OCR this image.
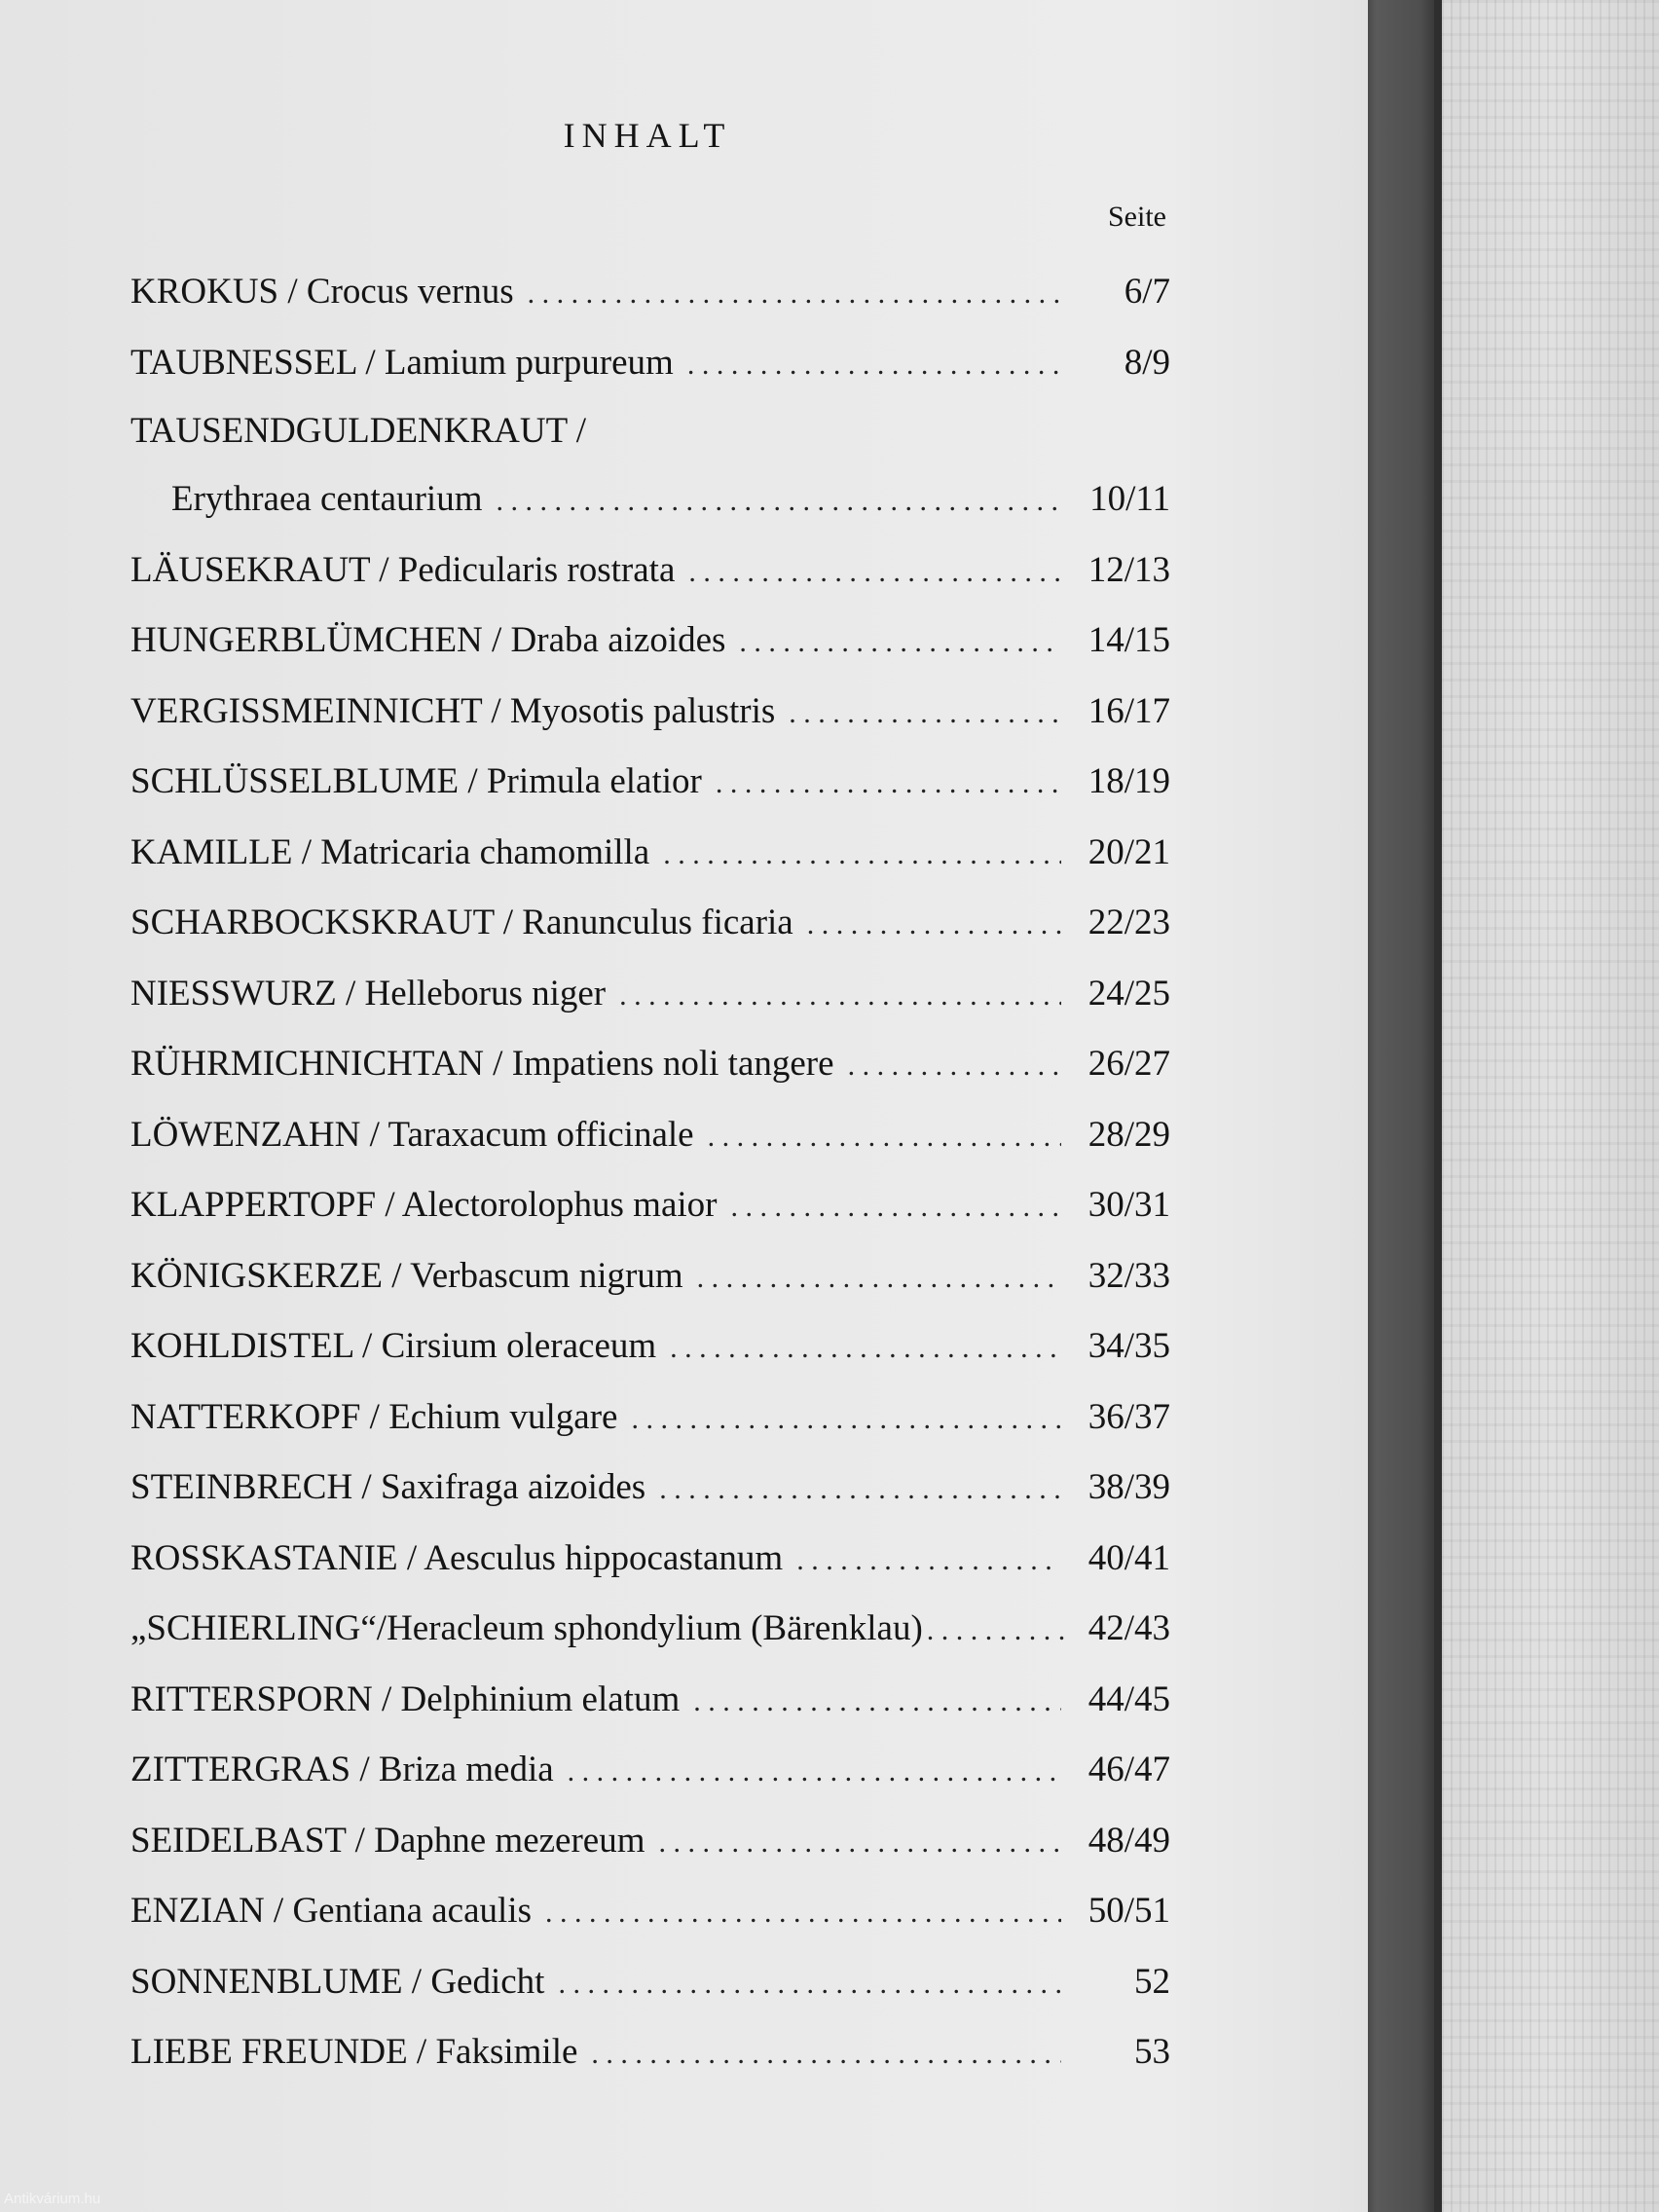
INHALT
Seite
KROKUS / Crocus vernus . . .	6/7
TAUBNESSEL / Lamium purpureum . . .	8/9
TAUSENDGULDENKRAUT /
Erythraea centaurium . . .	10/11
LÄUSEKRAUT / Pedicularis rostrata . . .	12/13
HUNGERBLÜMCHEN / Draba aizoides . . .	14/15
VERGISSMEINNICHT / Myosotis palustris . . .	16/17
SCHLÜSSELBLUME / Primula elatior . . .	18/19
KAMILLE / Matricaria chamomilla . . .	20/21
SCHARBOCKSKRAUT / Ranunculus ficaria . . .	22/23
NIESSWURZ / Helleborus niger . . .	24/25
RÜHRMICHNICHTAN / Impatiens noli tangere . . .	26/27
LÖWENZAHN / Taraxacum officinale . . .	28/29
KLAPPERTOPF / Alectorolophus maior . . .	30/31
KÖNIGSKERZE / Verbascum nigrum . . .	32/33
KOHLDISTEL / Cirsium oleraceum . . .	34/35
NATTERKOPF / Echium vulgare . . .	36/37
STEINBRECH / Saxifraga aizoides . . .	38/39
ROSSKASTANIE / Aesculus hippocastanum . . .	40/41
„SCHIERLING“/Heracleum sphondylium (Bärenklau) . . .	42/43
RITTERSPORN / Delphinium elatum . . .	44/45
ZITTERGRAS / Briza media . . .	46/47
SEIDELBAST / Daphne mezereum . . .	48/49
ENZIAN / Gentiana acaulis . . .	50/51
SONNENBLUME / Gedicht . . .	52
LIEBE FREUNDE / Faksimile . . .	53
Antikvárium.hu
